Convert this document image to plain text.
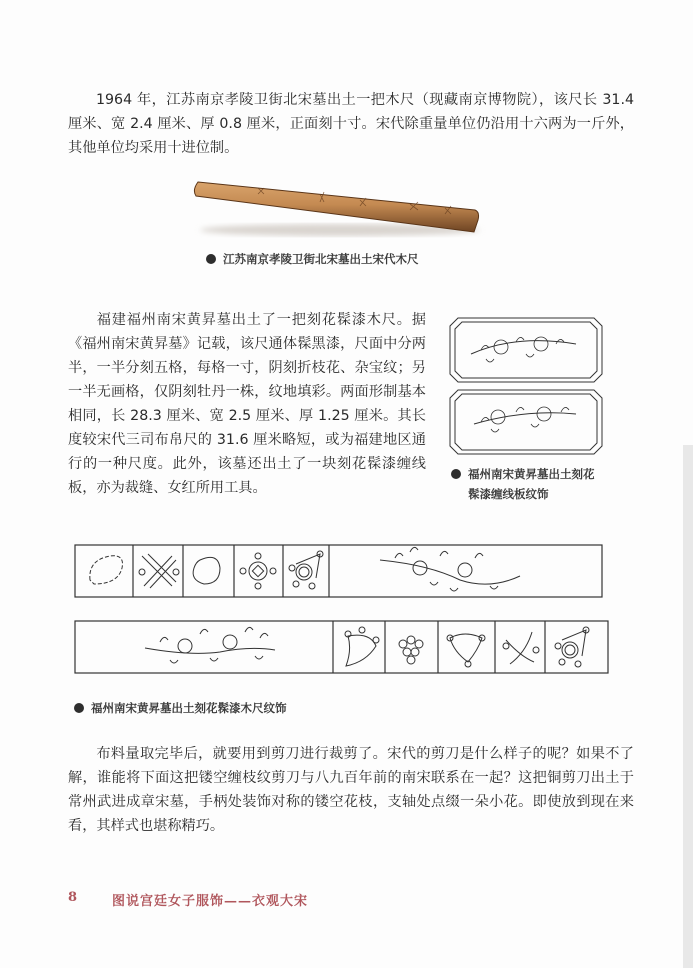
1964 年，江苏南京孝陵卫街北宋墓出土一把木尺（现藏南京博物院），该尺长 31.4 厘米、宽 2.4 厘米、厚 0.8 厘米，正面刻十寸。宋代除重量单位仍沿用十六两为一斤外，其他单位均采用十进位制。

江苏南京孝陵卫街北宋墓出土宋代木尺

福建福州南宋黄昇墓出土了一把刻花髹漆木尺。据《福州南宋黄昇墓》记载，该尺通体髹黑漆，尺面中分两半，一半分刻五格，每格一寸，阴刻折枝花、杂宝纹；另一半无画格，仅阴刻牡丹一株，纹地填彩。两面形制基本相同，长 28.3 厘米、宽 2.5 厘米、厚 1.25 厘米。其长度较宋代三司布帛尺的 31.6 厘米略短，或为福建地区通行的一种尺度。此外，该墓还出土了一块刻花髹漆缠线板，亦为裁缝、女红所用工具。

福州南宋黄昇墓出土刻花
髹漆缠线板纹饰
福州南宋黄昇墓出土刻花髹漆木尺纹饰

布料量取完毕后，就要用到剪刀进行裁剪了。宋代的剪刀是什么样子的呢？如果不了解，谁能将下面这把镂空缠枝纹剪刀与八九百年前的南宋联系在一起？这把铜剪刀出土于常州武进成章宋墓，手柄处装饰对称的镂空花枝，支轴处点缀一朵小花。即使放到现在来看，其样式也堪称精巧。

8	图说宫廷女子服饰——衣观大宋
